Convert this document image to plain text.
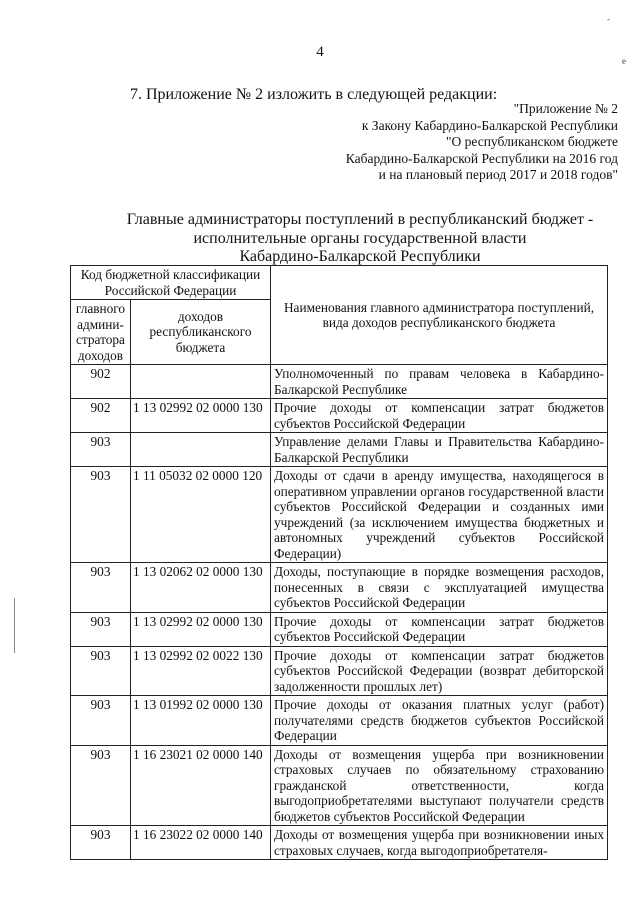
-
e
4
7. Приложение № 2 изложить в следующей редакции:
"Приложение № 2
к Закону Кабардино-Балкарской Республики
"О республиканском бюджете
Кабардино-Балкарской Республики на 2016 год
и на плановый период 2017 и 2018 годов"
Главные администраторы поступлений в республиканский бюджет -
исполнительные органы государственной власти
Кабардино-Балкарской Республики
Код бюджетной классификации Российской Федерации		Наименования главного администратора поступлений, вида доходов республиканского бюджета
главного админи-стратора доходов	доходов республиканского бюджета	
902		Уполномоченный по правам человека в Кабардино-Балкарской Республике
902	1 13 02992 02 0000 130	Прочие доходы от компенсации затрат бюджетов субъектов Российской Федерации
903		Управление делами Главы и Правительства Кабардино-Балкарской Республики
903	1 11 05032 02 0000 120	Доходы от сдачи в аренду имущества, находящегося в оперативном управлении органов государственной власти субъектов Российской Федерации и созданных ими учреждений (за исключением имущества бюджетных и автономных учреждений субъектов Российской Федерации)
903	1 13 02062 02 0000 130	Доходы, поступающие в порядке возмещения расходов, понесенных в связи с эксплуатацией имущества субъектов Российской Федерации
903	1 13 02992 02 0000 130	Прочие доходы от компенсации затрат бюджетов субъектов Российской Федерации
903	1 13 02992 02 0022 130	Прочие доходы от компенсации затрат бюджетов субъектов Российской Федерации (возврат дебиторской задолженности прошлых лет)
903	1 13 01992 02 0000 130	Прочие доходы от оказания платных услуг (работ) получателями средств бюджетов субъектов Российской Федерации
903	1 16 23021 02 0000 140	Доходы от возмещения ущерба при возникновении страховых случаев по обязательному страхованию гражданской ответственности, когда выгодоприобретателями выступают получатели средств бюджетов субъектов Российской Федерации
903	1 16 23022 02 0000 140	Доходы от возмещения ущерба при возникновении иных страховых случаев, когда выгодоприобретателя-
